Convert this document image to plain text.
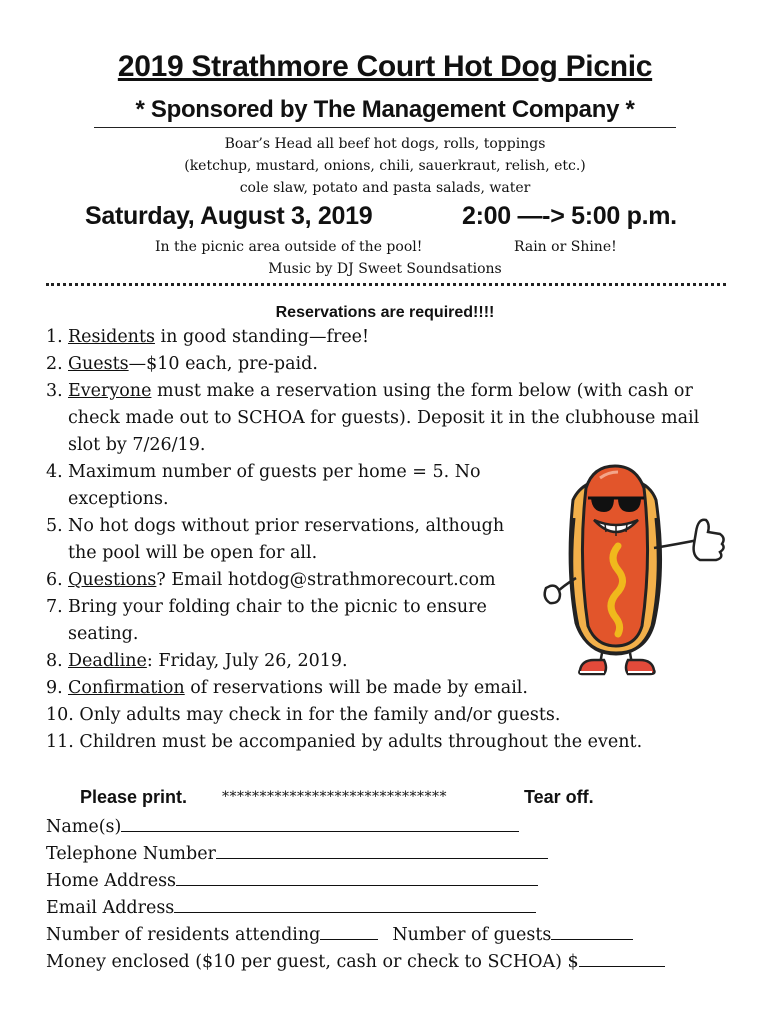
2019 Strathmore Court Hot Dog Picnic
* Sponsored by The Management Company *
Boar’s Head all beef hot dogs, rolls, toppings
(ketchup, mustard, onions, chili, sauerkraut, relish, etc.)
cole slaw, potato and pasta salads, water
Saturday, August 3, 2019	2:00 —-> 5:00 p.m.
In the picnic area outside of the pool!	Rain or Shine!
Music by DJ Sweet Soundsations
Reservations are required!!!!
1. Residents in good standing—free!
2. Guests—$10 each, pre-paid.
3. Everyone must make a reservation using the form below (with cash or
check made out to SCHOA for guests). Deposit it in the clubhouse mail
slot by 7/26/19.
4. Maximum number of guests per home = 5. No
exceptions.
5. No hot dogs without prior reservations, although
the pool will be open for all.
6. Questions? Email hotdog@strathmorecourt.com
7. Bring your folding chair to the picnic to ensure
seating.
8. Deadline: Friday, July 26, 2019.
9. Confirmation of reservations will be made by email.
10. Only adults may check in for the family and/or guests.
11. Children must be accompanied by adults throughout the event.
Please print. ******************************	Tear off.
Name(s)
Telephone Number
Home Address
Email Address
Number of residents attending	Number of guests
Money enclosed ($10 per guest, cash or check to SCHOA) $
